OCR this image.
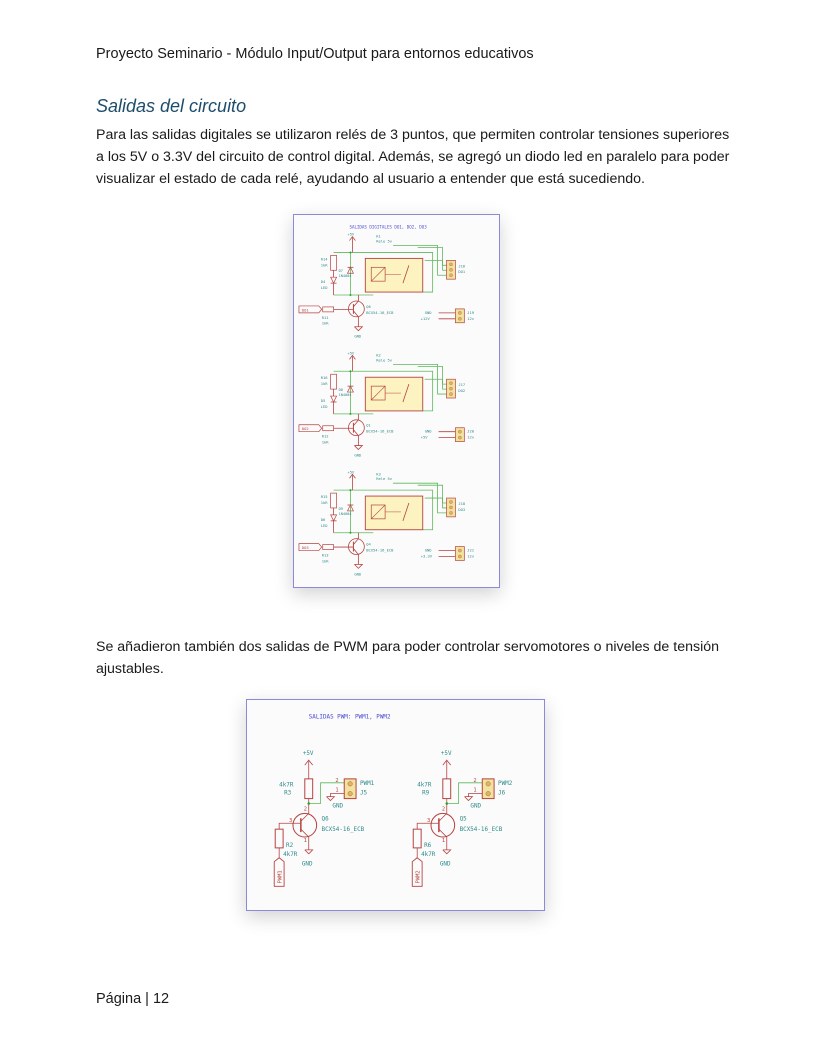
Proyecto Seminario - Módulo Input/Output para entornos educativos
Salidas del circuito
Para las salidas digitales se utilizaron relés de 3 puntos, que permiten controlar tensiones superiores a los 5V o 3.3V del circuito de control digital. Además, se agregó un diodo led en paralelo para poder visualizar el estado de cada relé, ayudando al usuario a entender que está sucediendo.
SALIDAS DIGITALES DO1, DO2, DO3
+5V	K1
Rele 5v
R14
1kR
D7
1N4004
D4
LED
DO1
R11
1kR
Q6
BCX54-16_ECB
GND
J16
DO1
GND
+12V
J19
12v
+5V	K2
Rele 5v
R16
1kR
D8
1N4004
D5
LED
DO2
R12
1kR
Q1
BCX54-16_ECB
GND
J17
DO2
GND
+5V
J20
12v
+5V	K3
Rele 5v
R15
1kR
D9
1N4004
D6
LED
DO3
R13
1kR
Q4
BCX54-16_ECB
GND
J18
DO3
GND
+3.3V
J21
12v
Se añadieron también dos salidas de PWM para poder controlar servomotores o niveles de tensión ajustables.
SALIDAS PWM: PWM1, PWM2
+5V
4k7R
R3
2
1
PWM1
J5
GND
3
2
1
Q6
BCX54-16_ECB
R2
4k7R
GND
PWM1
+5V
4k7R
R9
2
1
PWM2
J6
GND
3
2
1
Q5
BCX54-16_ECB
R6
4k7R
GND
PWM2
Página | 12
